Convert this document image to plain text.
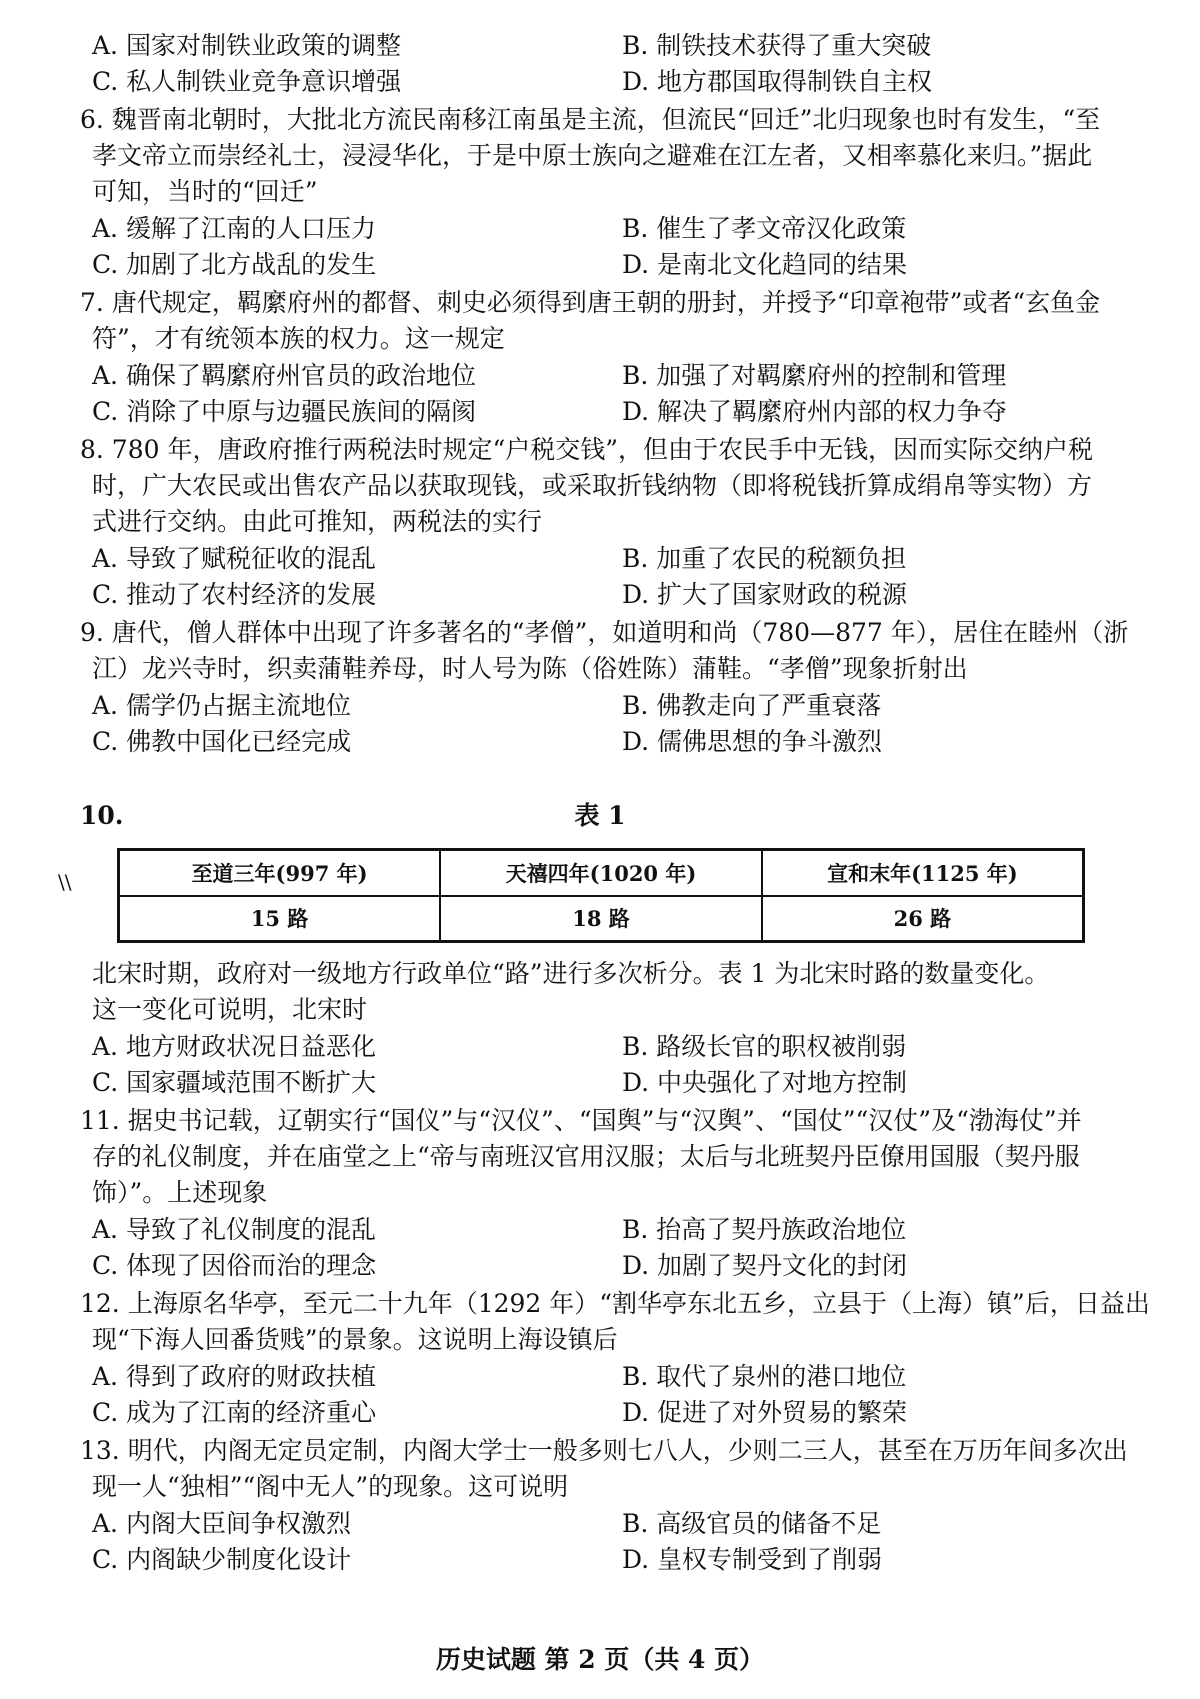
A. 国家对制铁业政策的调整	B. 制铁技术获得了重大突破
C. 私人制铁业竞争意识增强	D. 地方郡国取得制铁自主权
6. 魏晋南北朝时，大批北方流民南移江南虽是主流，但流民“回迁”北归现象也时有发生，“至
孝文帝立而崇经礼士，浸浸华化，于是中原士族向之避难在江左者，又相率慕化来归。”据此
可知，当时的“回迁”
A. 缓解了江南的人口压力	B. 催生了孝文帝汉化政策
C. 加剧了北方战乱的发生	D. 是南北文化趋同的结果
7. 唐代规定，羁縻府州的都督、刺史必须得到唐王朝的册封，并授予“印章袍带”或者“玄鱼金
符”，才有统领本族的权力。这一规定
A. 确保了羁縻府州官员的政治地位	B. 加强了对羁縻府州的控制和管理
C. 消除了中原与边疆民族间的隔阂	D. 解决了羁縻府州内部的权力争夺
8. 780 年，唐政府推行两税法时规定“户税交钱”，但由于农民手中无钱，因而实际交纳户税
时，广大农民或出售农产品以获取现钱，或采取折钱纳物（即将税钱折算成绢帛等实物）方
式进行交纳。由此可推知，两税法的实行
A. 导致了赋税征收的混乱	B. 加重了农民的税额负担
C. 推动了农村经济的发展	D. 扩大了国家财政的税源
9. 唐代，僧人群体中出现了许多著名的“孝僧”，如道明和尚（780—877 年），居住在睦州（浙
江）龙兴寺时，织卖蒲鞋养母，时人号为陈（俗姓陈）蒲鞋。“孝僧”现象折射出
A. 儒学仍占据主流地位	B. 佛教走向了严重衰落
C. 佛教中国化已经完成	D. 儒佛思想的争斗激烈
10.	表 1
\\	至道三年(997 年)	天禧四年(1020 年)	宣和末年(1125 年)
15 路	18 路	26 路
北宋时期，政府对一级地方行政单位“路”进行多次析分。表 1 为北宋时路的数量变化。
这一变化可说明，北宋时
A. 地方财政状况日益恶化	B. 路级长官的职权被削弱
C. 国家疆域范围不断扩大	D. 中央强化了对地方控制
11. 据史书记载，辽朝实行“国仪”与“汉仪”、“国舆”与“汉舆”、“国仗”“汉仗”及“渤海仗”并
存的礼仪制度，并在庙堂之上“帝与南班汉官用汉服；太后与北班契丹臣僚用国服（契丹服
饰）”。上述现象
A. 导致了礼仪制度的混乱	B. 抬高了契丹族政治地位
C. 体现了因俗而治的理念	D. 加剧了契丹文化的封闭
12. 上海原名华亭，至元二十九年（1292 年）“割华亭东北五乡，立县于（上海）镇”后，日益出
现“下海人回番货贱”的景象。这说明上海设镇后
A. 得到了政府的财政扶植	B. 取代了泉州的港口地位
C. 成为了江南的经济重心	D. 促进了对外贸易的繁荣
13. 明代，内阁无定员定制，内阁大学士一般多则七八人，少则二三人，甚至在万历年间多次出
现一人“独相”“阁中无人”的现象。这可说明
A. 内阁大臣间争权激烈	B. 高级官员的储备不足
C. 内阁缺少制度化设计	D. 皇权专制受到了削弱
历史试题 第 2 页（共 4 页）
